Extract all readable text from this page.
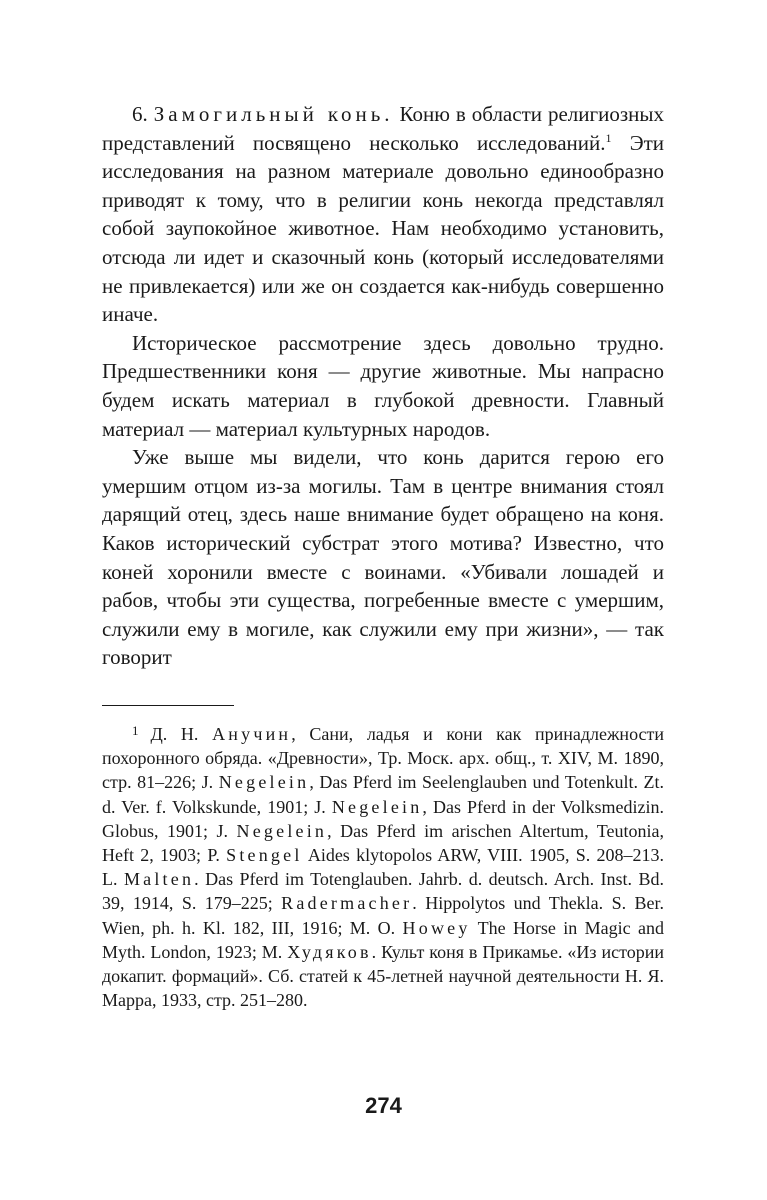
6. Замогильный конь. Коню в области религиозных представлений посвящено несколько исследований.$^1$ Эти исследования на разном материале довольно единообразно приводят к тому, что в религии конь некогда представлял собой заупокойное животное. Нам необходимо установить, отсюда ли идет и сказочный конь (который исследователями не привлекается) или же он создается как-нибудь совершенно иначе.

Историческое рассмотрение здесь довольно трудно. Предшественники коня — другие животные. Мы напрасно будем искать материал в глубокой древности. Главный материал — материал культурных народов.

Уже выше мы видели, что конь дарится герою его умершим отцом из-за могилы. Там в центре внимания стоял дарящий отец, здесь наше внимание будет обращено на коня. Каков исторический субстрат этого мотива? Известно, что коней хоронили вместе с воинами. «Убивали лошадей и рабов, чтобы эти существа, погребенные вместе с умершим, служили ему в могиле, как служили ему при жизни», — так говорит

$^1$ Д. Н. Анучин, Сани, ладья и кони как принадлежности похоронного обряда. «Древности», Тр. Моск. арх. общ., т. XIV, М. 1890, стр. 81–226; J. Negelein, Das Pferd im Seelenglauben und Totenkult. Zt. d. Ver. f. Volkskunde, 1901; J. Negelein, Das Pferd in der Volksmedizin. Globus, 1901; J. Negelein, Das Pferd im arischen Altertum, Teutonia, Heft 2, 1903; P. Stengel Aides klytopolos ARW, VIII. 1905, S. 208–213. L. Malten. Das Pferd im Totenglauben. Jahrb. d. deutsch. Arch. Inst. Bd. 39, 1914, S. 179–225; Radermacher. Hippolytos und Thekla. S. Ber. Wien, ph. h. Kl. 182, III, 1916; M. O. Howey The Horse in Magic and Myth. London, 1923; М. Худяков. Культ коня в Прикамье. «Из истории докапит. формаций». Сб. статей к 45-летней научной деятельности Н. Я. Марра, 1933, стр. 251–280.

274
